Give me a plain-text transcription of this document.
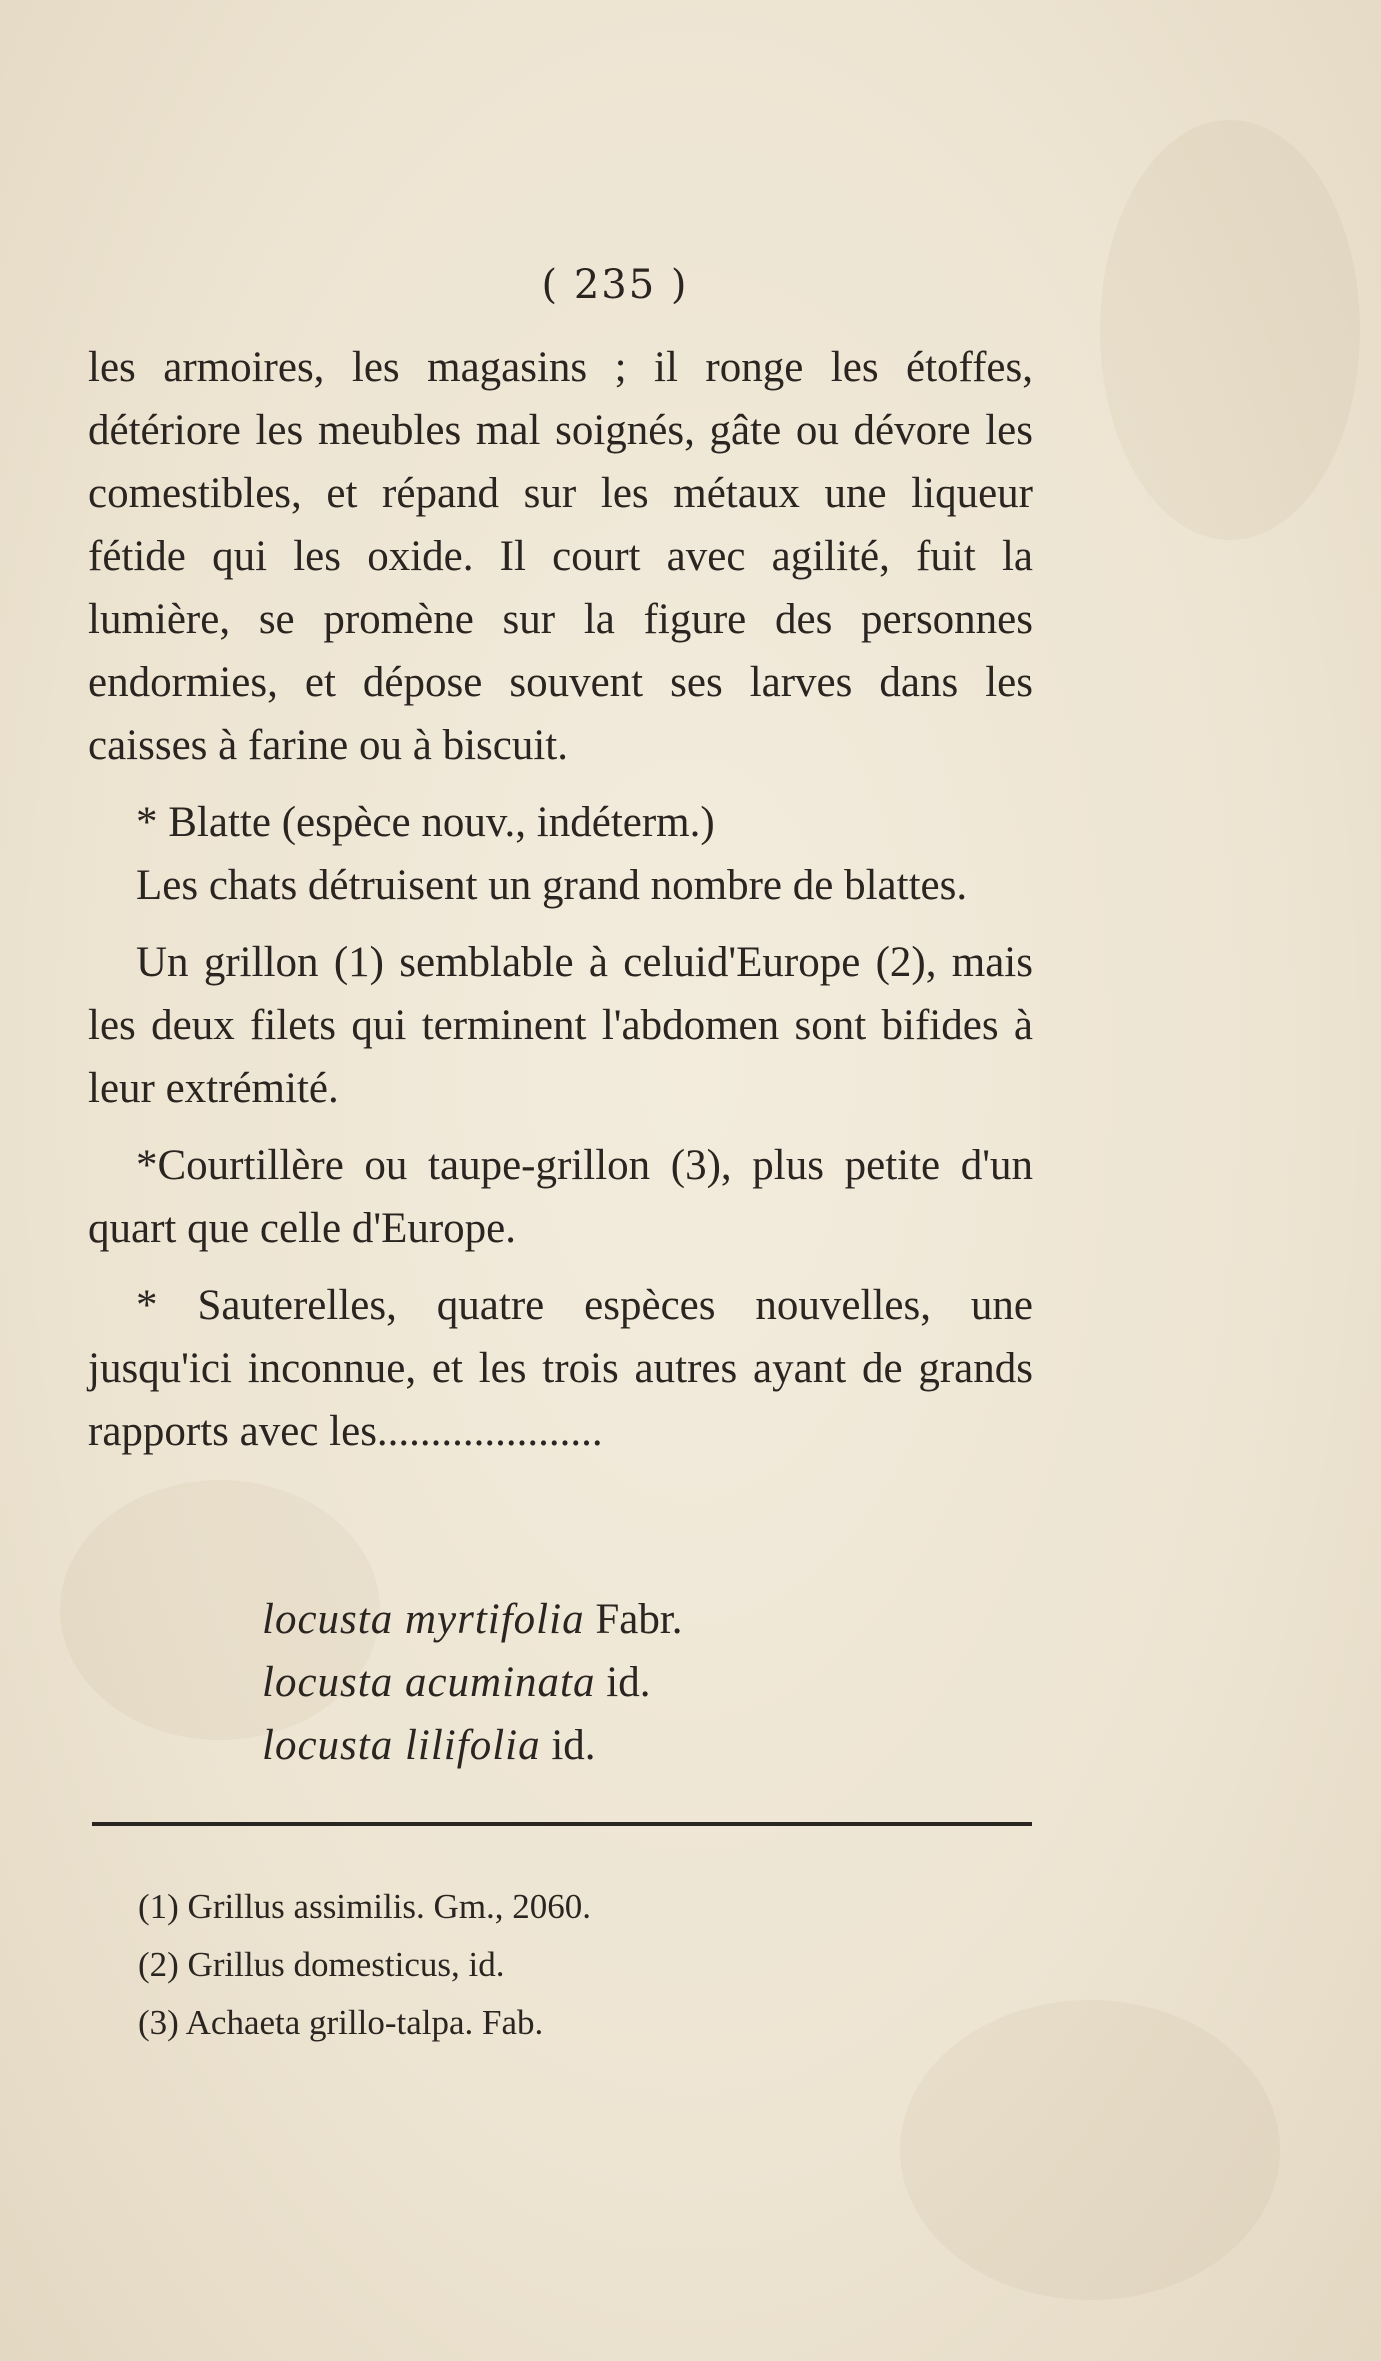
( 235 )

les armoires, les magasins ; il ronge les étoffes, détériore les meubles mal soignés, gâte ou dévore les comestibles, et répand sur les métaux une liqueur fétide qui les oxide. Il court avec agilité, fuit la lumière, se promène sur la figure des personnes endormies, et dépose souvent ses larves dans les caisses à farine ou à biscuit.

* Blatte (espèce nouv., indéterm.)

Les chats détruisent un grand nombre de blattes.

Un grillon (1) semblable à celuid'Europe (2), mais les deux filets qui terminent l'abdomen sont bifides à leur extrémité.

*Courtillère ou taupe-grillon (3), plus petite d'un quart que celle d'Europe.

* Sauterelles, quatre espèces nouvelles, une jusqu'ici inconnue, et les trois autres ayant de grands rapports avec les.....................

locusta myrtifolia Fabr.
locusta acuminata id.
locusta lilifolia id.

(1) Grillus assimilis. Gm., 2060.

(2) Grillus domesticus, id.

(3) Achaeta grillo-talpa. Fab.
